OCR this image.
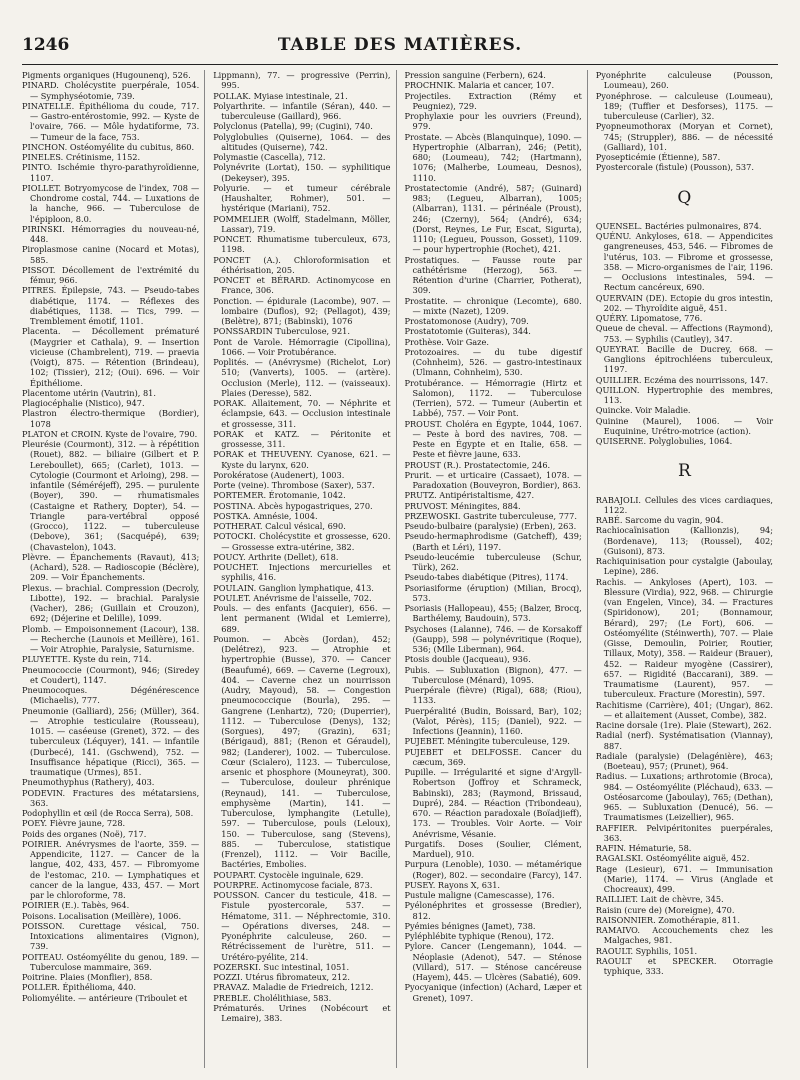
1246	TABLE DES MATIÈRES.

Pigments organiques (Hugounenq), 526.

PINARD. Cholécystite puerpérale, 1054. — Symphyséotomie, 739.

PINATELLE. Épithélioma du coude, 717. — Gastro-entérostomie, 992. — Kyste de l'ovaire, 766. — Môle hydatiforme, 73. — Tumeur de la face, 753.

PINCHON. Ostéomyélite du cubitus, 860.

PINELES. Crétinisme, 1152.

PINTO. Ischémie thyro-parathyroïdienne, 1107.

PIOLLET. Botryomycose de l'index, 708 — Chondrome costal, 744. — Luxations de la hanche, 966. — Tuberculose de l'épiploon, 8.0.

PIRINSKI. Hémorragies du nouveau-né, 448.

Piroplasmose canine (Nocard et Motas), 585.

PISSOT. Décollement de l'extrémité du fémur, 966.

PITRES. Épilepsie, 743. — Pseudo-tabes diabétique, 1174. — Réflexes des diabétiques, 1138. — Tics, 799. — Tremblement émotif, 1101.

Placenta. — Décollement prématuré (Maygrier et Cathala), 9. — Insertion vicieuse (Chambrelent), 719. — praevia (Voigt), 875. — Rétention (Brindeau), 102; (Tissier), 212; (Oui). 696. — Voir Épithéliome.

Placentome utérin (Vautrin), 81.

Plagiocéphalie (Nistico), 947.

Plastron électro-thermique (Bordier), 1078

PLATON et CROIN. Kyste de l'ovaire, 790.

Pleurésie (Courmont), 312. — à répétition (Rouet), 882. — biliaire (Gilbert et P. Lereboullet), 665; (Carlet), 1013. — Cytologie (Courmont et Arloing), 298. — infantile (Séméréjeff), 295. — purulente (Boyer), 390. — rhumatismales (Castaigne et Rathery, Dopter), 54. — Triangle para-vertébral opposé (Grocco), 1122. — tuberculeuse (Debove), 361; (Sacquépé), 639; (Chavastelon), 1043.

Plèvre. — Épanchements (Ravaut), 413; (Achard), 528. — Radioscopie (Béclère), 209. — Voir Épanchements.

Plexus. — brachial. Compression (Decroly, Libotte), 192. — brachial. Paralysie (Vacher), 286; (Guillain et Crouzon), 692; (Déjerine et Delille), 1099.

Plomb. — Empoisonnement (Lacour), 138. — Recherche (Launois et Meillère), 161. — Voir Atrophie, Paralysie, Saturnisme.

PLUYETTE. Kyste du rein, 714.

Pneumococcie (Courmont), 946; (Siredey et Coudert), 1147.

Pneumocoques. Dégénérescence (Michaelis), 777.

Pneumonie (Galliard), 256; (Müller), 364. — Atrophie testiculaire (Rousseau), 1015. — caséeuse (Grenet), 372. — des tuberculeux (Léquyer), 141. — infantile (Durbecé), 141. (Gschwend), 752. — Insuffisance hépatique (Ricci), 365. — traumatique (Urmes), 851.

Pneumothyphus (Rathery), 403.

PODEVIN. Fractures des métatarsiens, 363.

Podophyllin et œil (de Rocca Serra), 508.

POEY. Fièvre jaune, 728.

Poids des organes (Noë), 717.

POIRIER. Anévrysmes de l'aorte, 359. — Appendicite, 1127. — Cancer de la langue, 402, 433, 457. — Fibromyome de l'estomac, 210. — Lymphatiques et cancer de la langue, 433, 457. — Mort par le chloroforme, 78.

POIRIER (E.). Tabès, 964.

Poisons. Localisation (Meillère), 1006.

POISSON. Curettage vésical, 750. Intoxications alimentaires (Vignon), 739.

POITEAU. Ostéomyélite du genou, 189. — Tuberculose mammaire, 369.

Poitrine. Plaies (Monflier), 858.

POLLER. Épithélioma, 440.

Poliomyélite. — antérieure (Triboulet et

Lippmann), 77. — progressive (Perrin), 995.

POLLAK. Myiase intestinale, 21.

Polyarthrite. — infantile (Séran), 440. — tuberculeuse (Gaillard), 966.

Polyclonus (Patella), 99; (Cugini), 740.

Polyglobulies (Quiserne), 1064. — des altitudes (Quiserne), 742.

Polymastie (Cascella), 712.

Polynévrite (Lortat), 150. — syphilitique (Dekeyser), 395.

Polyurie. — et tumeur cérébrale (Haushalter, Rohmer), 501. — hystérique (Mariani), 752.

POMMELIER (Wolff, Stadelmann, Möller, Lassar), 719.

PONCET. Rhumatisme tuberculeux, 673, 1198.

PONCET (A.). Chloroformisation et éthérisation, 205.

PONCET et BÉRARD. Actinomycose en France, 306.

Ponction. — épidurale (Lacombe), 907. — lombaire (Duflos), 92; (Pellagot), 439; (Belètre), 871; (Babinski), 1076

PONSSARDIN Tuberculose, 921.

Pont de Varole. Hémorragie (Cipollina), 1066. — Voir Protubérance.

Poplités. — (Anévrysme) (Richelot, Lor) 510; (Vanverts), 1005. — (artère). Occlusion (Merle), 112. — (vaisseaux). Plaies (Deresse), 582.

PORAK. Allaitement, 70. — Néphrite et éclampsie, 643. — Occlusion intestinale et grossesse, 311.

PORAK et KATZ. — Péritonite et grossesse, 311.

PORAK et THEUVENY. Cyanose, 621. — Kyste du larynx, 620.

Porokératose (Audenert), 1003.

Porte (veine). Thrombose (Saxer), 537.

PORTEMER. Érotomanie, 1042.

POSTINA. Abcès hypogastriques, 270.

POSTKA. Amnésie, 1004.

POTHERAT. Calcul vésical, 690.

POTOCKI. Cholécystite et grossesse, 620. — Grossesse extra-utérine, 382.

POUCY. Arthrite (Dellet), 618.

POUCHET. Injections mercurielles et syphilis, 416.

POULAIN. Ganglion lymphatique, 413.

POULET. Anévrisme de l'aisselle, 702.

Pouls. — des enfants (Jacquier), 656. — lent permanent (Widal et Lemierre), 689.

Poumon. — Abcès (Jordan), 452; (Delétrez), 923. — Atrophie et hypertrophie (Busse), 370. — Cancer (Beaufumé), 669. — Caverne (Legroux), 404. — Caverne chez un nourrisson (Audry, Mayoud), 58. — Congestion pneumococcique (Bourla), 295. — Gangrene (Lenhartz), 720; (Duperrier), 1112. — Tuberculose (Denys), 132; (Sorgues), 497; (Grazin), 631; (Bérigaud), 881; (Renon et Géraudel), 982; (Landerer), 1002. — Tuberculose. Cœur (Scialero), 1123. — Tuberculose, arsenic et phosphore (Mouneyrat), 300. — Tuberculose, douleur phrénique (Reynaud), 141. — Tuberculose, emphysème (Martin), 141. — Tuberculose, lymphangite (Letulle), 597. — Tuberculose, pouls (Leloux), 150. — Tuberculose, sang (Stevens), 885. — Tuberculose, statistique (Frenzel), 1112. — Voir Bacille, Bactéries, Embolies.

POUPART. Cystocèle inguinale, 629.

POURPRE. Actinomycose faciale, 873.

POUSSON. Cancer du testicule, 418. — Fistule pyostercorale, 537. — Hématome, 311. — Néphrectomie, 310. — Opérations diverses, 248. — Pyonéphrite calculeuse, 260. — Rétrécissement de l'urètre, 511. — Urétéro-pyélite, 214.

POZERSKI. Suc intestinal, 1051.

POZZI. Utérus fibromateux, 212.

PRAVAZ. Maladie de Friedreich, 1212.

PREBLE. Cholélithiase, 583.

Prématurés. Urines (Nobécourt et Lemaire), 383.

Pression sanguine (Ferbern), 624.

PROCHNIK. Malaria et cancer, 107.

Projectiles. Extraction (Rémy et Peugniez), 729.

Prophylaxie pour les ouvriers (Freund), 979.

Prostate. — Abcès (Blanquinque), 1090. — Hypertrophie (Albarran), 246; (Petit), 680; (Loumeau), 742; (Hartmann), 1076; (Malherbe, Loumeau, Desnos), 1110.

Prostatectomie (André), 587; (Guinard) 983; (Legueu, Albarran), 1005; (Albarran), 1131. — périnéale (Proust), 246; (Czerny), 564; (André), 634; (Dorst, Reynes, Le Fur, Escat, Sigurta), 1110; (Legueu, Pousson, Gosset), 1109. — pour hypertrophie (Rochet), 421.

Prostatiques. — Fausse route par cathétérisme (Herzog), 563. — Rétention d'urine (Charrier, Potherat), 309.

Prostatite. — chronique (Lecomte), 680. — mixte (Nazet), 1209.

Prostatomonose (Audry), 709.

Prostatotomie (Guiteras), 344.

Prothèse. Voir Gaze.

Protozoaires. — du tube digestif (Cohnheim), 526. — gastro-intestinaux (Ulmann, Cohnheim), 530.

Protubérance. — Hémorragie (Hirtz et Salomon), 1172. — Tuberculose (Terrien), 572. — Tumeur (Aubertin et Labbé), 757. — Voir Pont.

PROUST. Choléra en Égypte, 1044, 1067. — Peste à bord des navires, 708. — Peste en Égypte et en Italie, 658. — Peste et fièvre jaune, 633.

PROUST (R.). Prostatectomie, 246.

Prurit. — et urticaire (Cassaet), 1078. — Paradoxation (Bouveyron, Bordier), 863.

PRUTZ. Antipéristaltisme, 427.

PRUVOST. Méningites, 884.

PRZEWOSKI. Gastrite tuberculeuse, 777.

Pseudo-bulbaire (paralysie) (Erben), 263.

Pseudo-hermaphrodisme (Gatcheff), 439; (Barth et Léri), 1197.

Pseudo-leucémie tuberculeuse (Schur, Türk), 262.

Pseudo-tabes diabétique (Pitres), 1174.

Psoriasiforme (éruption) (Milian, Brocq), 573.

Psoriasis (Hallopeau), 455; (Balzer, Brocq, Barthélemy, Baudouin), 573.

Psychoses (Lalanne), 746. — de Korsakoff (Gaupp), 598 — polynévritique (Roque), 536; (Mlle Liberman), 964.

Ptosis double (Jacqueau), 936.

Pubis. — Subluxation (Bignon), 477. — Tuberculose (Ménard), 1095.

Puerpérale (fièvre) (Rigal), 688; (Riou), 1133.

Puerpéralité (Budin, Boissard, Bar), 102; (Valot, Pérès), 115; (Daniel), 922. — Infections (Jeannin), 1160.

PUJEBET. Méningite tuberculeuse, 129.

PUJEBET et DELFOSSE. Cancer du cæcum, 369.

Pupille. — Irrégularité et signe d'Argyll-Robertson (Joffroy et Schrameck, Babinski), 283; (Raymond, Brissaud, Dupré), 284. — Réaction (Tribondeau), 670. — Réaction paradoxale (Boïadjieff), 173. — Troubles. Voir Aorte. — Voir Anévrisme, Vésanie.

Purgatifs. Doses (Soulier, Clément, Marduel), 910.

Purpura (Lenoble), 1030. — métamérique (Roger), 802. — secondaire (Farcy), 147.

PUSEY. Rayons X, 631.

Pustule maligne (Camescasse), 176.

Pyélonéphrites et grossesse (Bredier), 812.

Pyémies bénignes (Jamet), 738.

Pyléphlébite typhique (Renou), 172.

Pylore. Cancer (Lengemann), 1044. — Néoplasie (Adenot), 547. — Sténose (Villard), 517. — Sténose cancéreuse (Hayem), 445. — Ulcères (Sabatié), 609.

Pyocyanique (infection) (Achard, Læper et Grenet), 1097.

Pyonéphrite calculeuse (Pousson, Loumeau), 260.

Pyonéphrose. — calculeuse (Loumeau), 189; (Tuffier et Desforses), 1175. — tuberculeuse (Carlier), 32.

Pyopneumothorax (Moryan et Cornet), 745; (Struppler), 886. — de nécessité (Galliard), 101.

Pyosepticémie (Étienne), 587.

Pyostercorale (fistule) (Pousson), 537.

Q

QUENSEL. Bactéries pulmonaires, 874.

QUÉNU. Ankyloses, 618. — Appendicites gangreneuses, 453, 546. — Fibromes de l'utérus, 103. — Fibrome et grossesse, 358. — Micro-organismes de l'air, 1196. — Occlusions intestinales, 594. — Rectum cancéreux, 690.

QUERVAIN (DE). Ectopie du gros intestin, 202. — Thyroïdite aiguë, 451.

QUÉRY. Lipomatose, 776.

Queue de cheval. — Affections (Raymond), 753. — Syphilis (Cautley), 347.

QUEYRAT. Bacille de Ducrey, 668. — Ganglions épitrochléens tuberculeux, 1197.

QUILLIER. Eczéma des nourrissons, 147.

QUILLON. Hypertrophie des membres, 113.

Quincke. Voir Maladie.

Quinine (Maurel), 1006. — Voir Euquinine, Urétro-motrice (action).

QUISERNE. Polyglobulies, 1064.

R

RABAJOLI. Cellules des vices cardiaques, 1122.

RABÉ. Sarcome du vagin, 904.

Rachiocaïnisation (Kallionzis), 94; (Bordenave), 113; (Roussel), 402; (Guisoni), 873.

Rachiquinisation pour cystalgie (Jaboulay, Lepine), 286.

Rachis. — Ankyloses (Apert), 103. — Blessure (Virdia), 922, 968. — Chirurgie (van Engelen, Vince), 34. — Fractures (Spiridonow), 201; (Bonnamour, Bérard), 297; (Le Fort), 606. — Ostéomyélite (Stéinwerth), 707. — Plaie (Gisse, Demoulin, Poirier, Routier, Tillaux, Moty), 358. — Raideur (Brauer), 452. — Raideur myogène (Cassirer), 657. — Rigidité (Baccarani), 389. — Traumatisme (Laurent), 957. — tuberculeux. Fracture (Morestin), 597.

Rachitisme (Carrière), 401; (Ungar), 862. — et allaitement (Ausset, Combe), 382.

Racine dorsale (1re). Plaie (Stewart), 262.

Radial (nerf). Systématisation (Viannay), 887.

Radiale (paralysie) (Delagénière), 463; (Boeteau), 957; (Prunet), 964.

Radius. — Luxations; arthrotomie (Broca), 984. — Ostéomyélite (Pléchaud), 633. — Ostéosarcome (Jaboulay), 765; (Dethan), 965. — Subluxation (Denucé), 56. — Traumatismes (Leizellier), 965.

RAFFIER. Pelvipéritonites puerpérales, 363.

RAFIN. Hématurie, 58.

RAGALSKI. Ostéomyélite aiguë, 452.

Rage (Lesieur), 671. — Immunisation (Marie), 1174. — Virus (Anglade et Chocreaux), 499.

RAILLIET. Lait de chèvre, 345.

Raisin (cure de) (Moreigne), 470.

RAISONNIER. Zomothérapie, 811.

RAMAIVO. Accouchements chez les Malgaches, 981.

RAOULT. Syphilis, 1051.

RAOULT et SPECKER. Otorragie typhique, 333.
